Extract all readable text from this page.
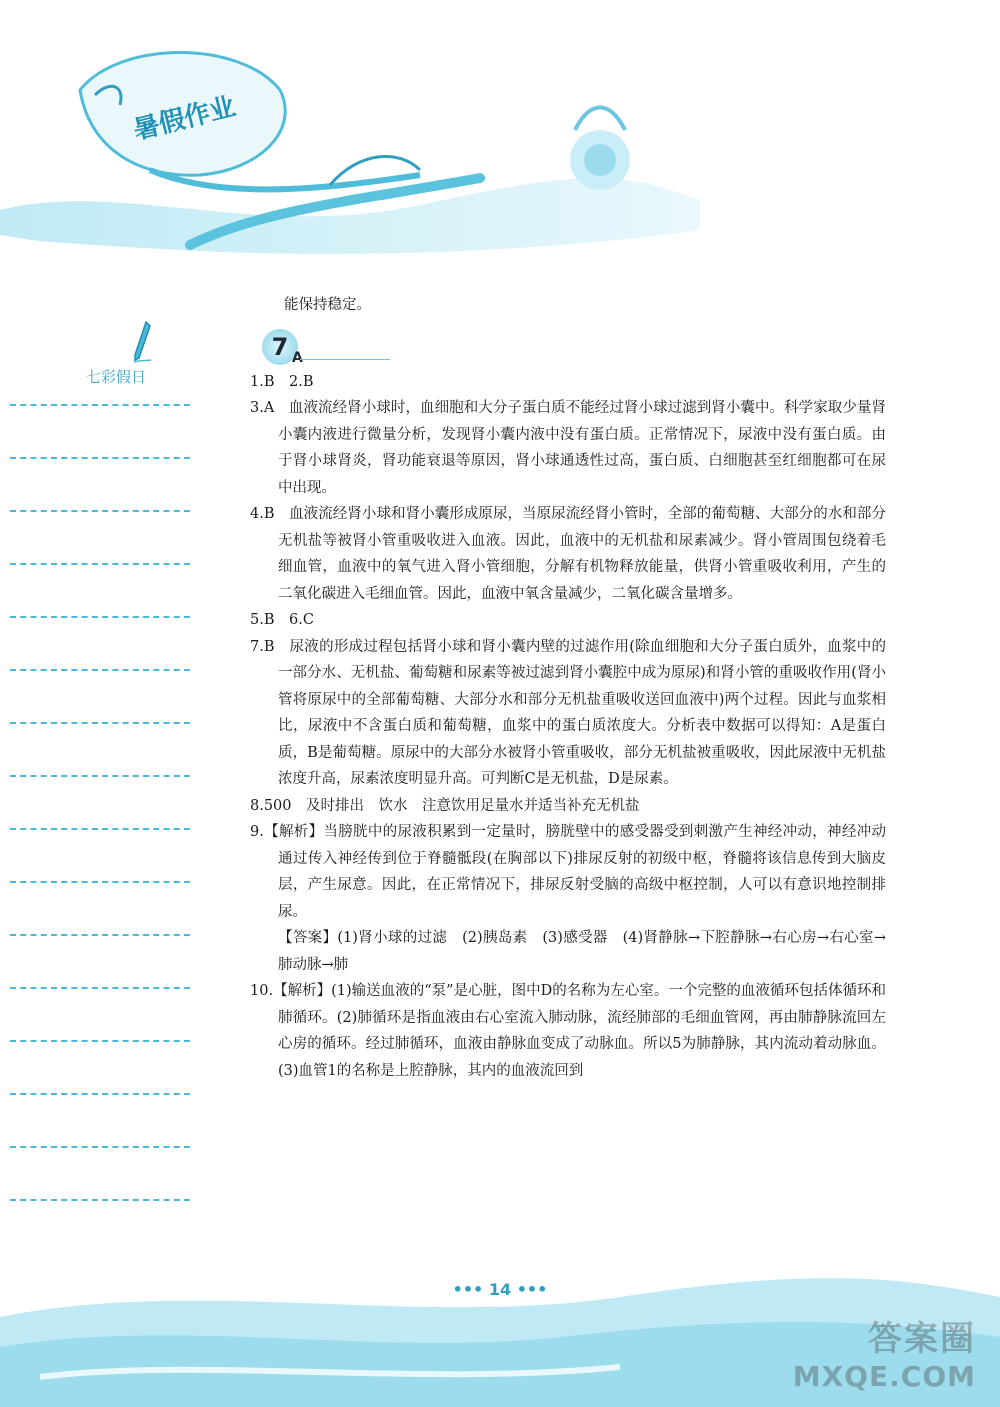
暑假作业
七彩假日

能保持稳定。

7 A

1.B　2.B

3.A　血液流经肾小球时，血细胞和大分子蛋白质不能经过肾小球过滤到肾小囊中。科学家取少量肾小囊内液进行微量分析，发现肾小囊内液中没有蛋白质。正常情况下，尿液中没有蛋白质。由于肾小球肾炎，肾功能衰退等原因，肾小球通透性过高，蛋白质、白细胞甚至红细胞都可在尿中出现。

4.B　血液流经肾小球和肾小囊形成原尿，当原尿流经肾小管时，全部的葡萄糖、大部分的水和部分无机盐等被肾小管重吸收进入血液。因此，血液中的无机盐和尿素减少。肾小管周围包绕着毛细血管，血液中的氧气进入肾小管细胞，分解有机物释放能量，供肾小管重吸收利用，产生的二氧化碳进入毛细血管。因此，血液中氧含量减少，二氧化碳含量增多。

5.B　6.C

7.B　尿液的形成过程包括肾小球和肾小囊内壁的过滤作用(除血细胞和大分子蛋白质外，血浆中的一部分水、无机盐、葡萄糖和尿素等被过滤到肾小囊腔中成为原尿)和肾小管的重吸收作用(肾小管将原尿中的全部葡萄糖、大部分水和部分无机盐重吸收送回血液中)两个过程。因此与血浆相比，尿液中不含蛋白质和葡萄糖，血浆中的蛋白质浓度大。分析表中数据可以得知：A是蛋白质，B是葡萄糖。原尿中的大部分水被肾小管重吸收，部分无机盐被重吸收，因此尿液中无机盐浓度升高，尿素浓度明显升高。可判断C是无机盐，D是尿素。

8.500　及时排出　饮水　注意饮用足量水并适当补充无机盐

9.【解析】当膀胱中的尿液积累到一定量时，膀胱壁中的感受器受到刺激产生神经冲动，神经冲动通过传入神经传到位于脊髓骶段(在胸部以下)排尿反射的初级中枢，脊髓将该信息传到大脑皮层，产生尿意。因此，在正常情况下，排尿反射受脑的高级中枢控制，人可以有意识地控制排尿。

【答案】(1)肾小球的过滤　(2)胰岛素　(3)感受器　(4)肾静脉→下腔静脉→右心房→右心室→肺动脉→肺

10.【解析】(1)输送血液的“泵”是心脏，图中D的名称为左心室。一个完整的血液循环包括体循环和肺循环。(2)肺循环是指血液由右心室流入肺动脉，流经肺部的毛细血管网，再由肺静脉流回左心房的循环。经过肺循环，血液由静脉血变成了动脉血。所以5为肺静脉，其内流动着动脉血。(3)血管1的名称是上腔静脉，其内的血液流回到

••• 14 •••
答案圈
MXQE.COM
